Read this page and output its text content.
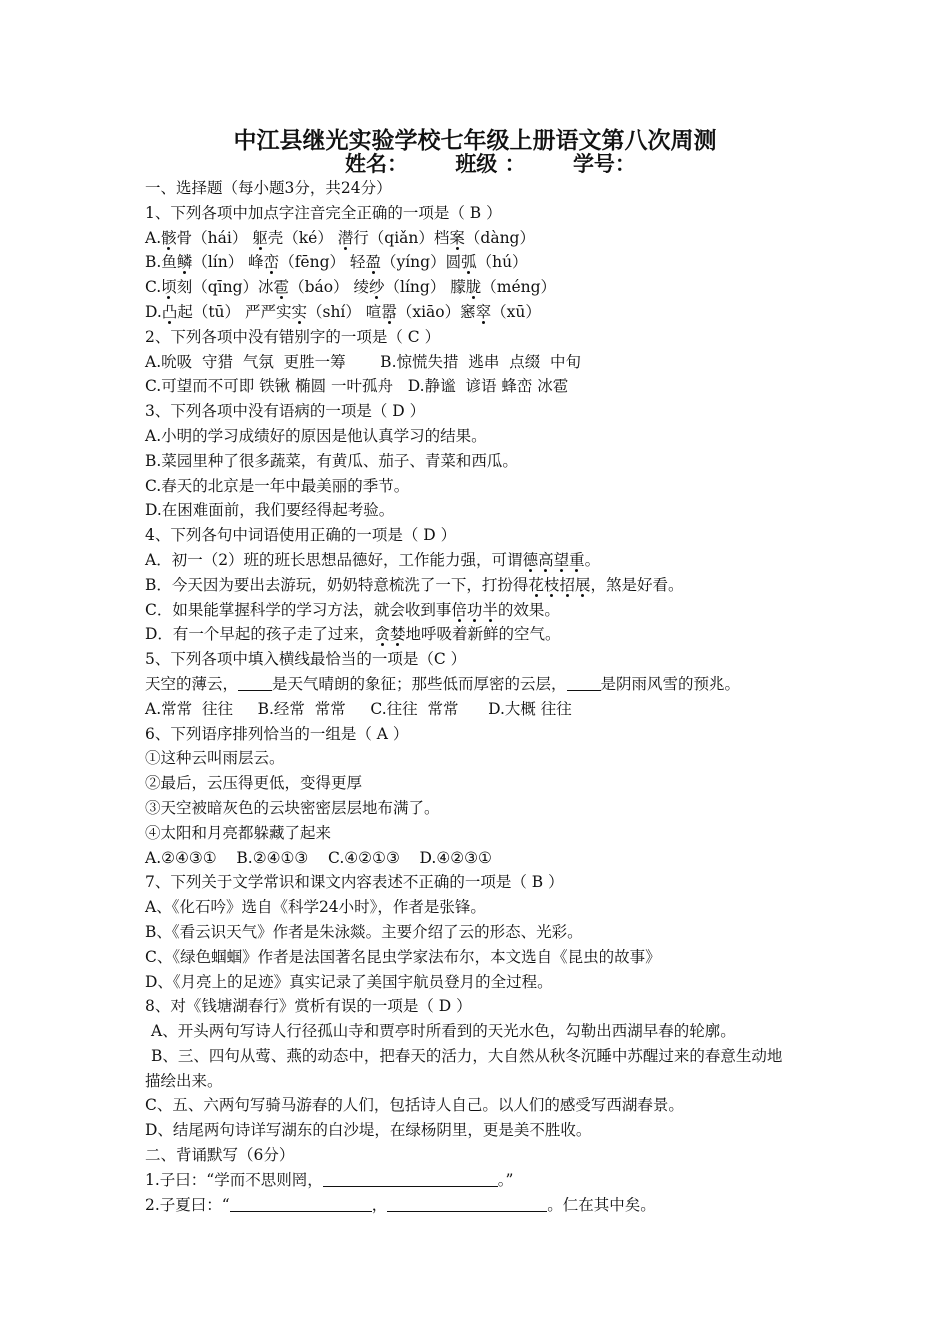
中江县继光实验学校七年级上册语文第八次周测
姓名： 班级 ： 学号：
一、选择题（每小题3分，共24分）
1、下列各项中加点字注音完全正确的一项是（ B ）
A.骸骨（hái） 躯壳（ké） 潜行（qiǎn）档案（dàng）
B.鱼鳞（lín） 峰峦（fēng） 轻盈（yíng）圆弧（hú）
C.顷刻（qīng）冰雹（báo） 绫纱（líng） 朦胧（méng）
D.凸起（tū） 严严实实（shí） 喧嚣（xiāo）窸窣（xū）
2、下列各项中没有错别字的一项是（ C ）
A.吮吸  守猎  气氛  更胜一筹       B.惊慌失措  逃串  点缀  中旬
C.可望而不可即 铁锹 椭圆 一叶孤舟   D.静谧  谚语 蜂峦 冰雹
3、下列各项中没有语病的一项是（ D ）
A.小明的学习成绩好的原因是他认真学习的结果。
B.菜园里种了很多蔬菜，有黄瓜、茄子、青菜和西瓜。
C.春天的北京是一年中最美丽的季节。
D.在困难面前，我们要经得起考验。
4、下列各句中词语使用正确的一项是（ D ）
A．初一（2）班的班长思想品德好，工作能力强，可谓德高望重。
B．今天因为要出去游玩，奶奶特意梳洗了一下，打扮得花枝招展，煞是好看。
C．如果能掌握科学的学习方法，就会收到事倍功半的效果。
D．有一个早起的孩子走了过来，贪婪地呼吸着新鲜的空气。
5、下列各项中填入横线最恰当的一项是（C ）
天空的薄云， 是天气晴朗的象征；那些低而厚密的云层， 是阴雨风雪的预兆。
A.常常  往往     B.经常  常常     C.往往  常常      D.大概 往往
6、下列语序排列恰当的一组是（ A ）
①这种云叫雨层云。
②最后，云压得更低，变得更厚
③天空被暗灰色的云块密密层层地布满了。
④太阳和月亮都躲藏了起来
A.②④③①    B.②④①③    C.④②①③    D.④②③①
7、下列关于文学常识和课文内容表述不正确的一项是（ B ）
A、《化石吟》选自《科学24小时》，作者是张锋。
B、《看云识天气》作者是朱泳燚。主要介绍了云的形态、光彩。
C、《绿色蝈蝈》作者是法国著名昆虫学家法布尔，本文选自《昆虫的故事》
D、《月亮上的足迹》真实记录了美国宇航员登月的全过程。
8、对《钱塘湖春行》赏析有误的一项是（ D ）
A、开头两句写诗人行径孤山寺和贾亭时所看到的天光水色，勾勒出西湖早春的轮廓。
B、三、四句从莺、燕的动态中，把春天的活力，大自然从秋冬沉睡中苏醒过来的春意生动地
描绘出来。
C、五、六两句写骑马游春的人们，包括诗人自己。以人们的感受写西湖春景。
D、结尾两句诗详写湖东的白沙堤，在绿杨阴里，更是美不胜收。
二、背诵默写（6分）
1.子曰：“学而不思则罔，	。”
2.子夏曰：“	，	。仁在其中矣。
